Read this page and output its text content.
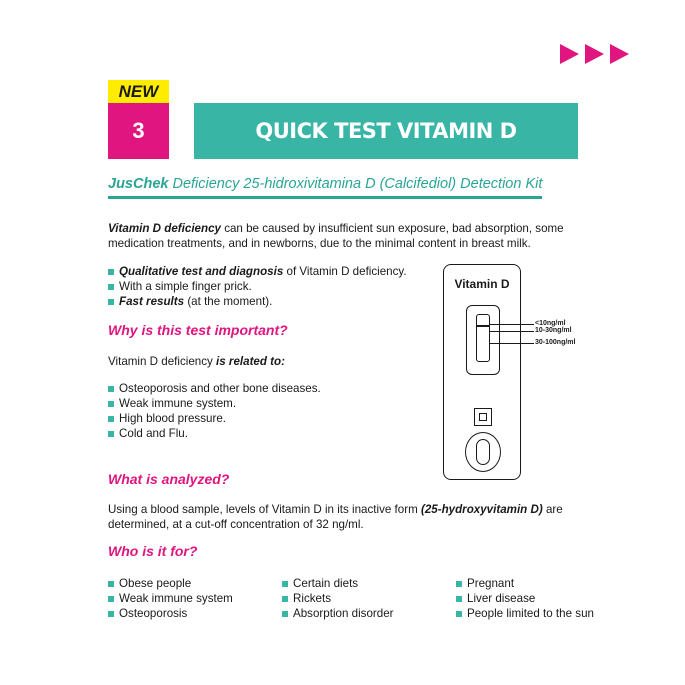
NEW
3	QUICK TEST VITAMIN D
JusChek Deficiency 25-hidroxivitamina D (Calcifediol) Detection Kit

Vitamin D deficiency can be caused by insufficient sun exposure, bad absorption, some medication treatments, and in newborns, due to the minimal content in breast milk.

Qualitative test and diagnosis of Vitamin D deficiency.
With a simple finger prick.
Fast results (at the moment).
Why is this test important?

Vitamin D deficiency is related to:

Osteoporosis and other bone diseases.
Weak immune system.
High blood pressure.
Cold and Flu.
What is analyzed?

Using a blood sample, levels of Vitamin D in its inactive form (25-hydroxyvitamin D) are determined, at a cut-off concentration of 32 ng/ml.

Who is it for?
Obese people
Weak immune system
Osteoporosis
Certain diets
Rickets
Absorption disorder
Pregnant
Liver disease
People limited to the sun
Vitamin D
<10ng/ml
10-30ng/ml
30-100ng/ml
